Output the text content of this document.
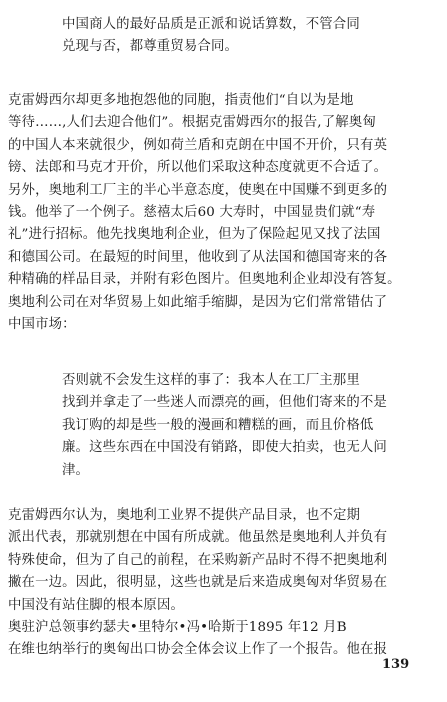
中国商人的最好品质是正派和说话算数，不管合同
兑现与否，都尊重贸易合同。
克雷姆西尔却更多地抱怨他的同胞，指责他们“自以为是地
等待……,人们去迎合他们”。根据克雷姆西尔的报告,了解奥匈
的中国人本来就很少，例如荷兰盾和克朗在中国不开价，只有英
镑、法郎和马克才开价，所以他们采取这种态度就更不合适了。
另外，奥地利工厂主的半心半意态度，使奥在中国赚不到更多的
钱。他举了一个例子。慈禧太后60 大寿时，中国显贵们就“寿
礼”进行招标。他先找奥地利企业，但为了保险起见又找了法国
和德国公司。在最短的时间里，他收到了从法国和德国寄来的各
种精确的样品目录，并附有彩色图片。但奥地利企业却没有答复。
奥地利公司在对华贸易上如此缩手缩脚，是因为它们常常错估了
中国市场：
否则就不会发生这样的事了：我本人在工厂主那里
找到并拿走了一些迷人而漂亮的画，但他们寄来的不是
我订购的却是些一般的漫画和糟糕的画，而且价格低
廉。这些东西在中国没有销路，即使大拍卖，也无人问
津。
克雷姆西尔认为，奥地利工业界不提供产品目录，也不定期
派出代表，那就别想在中国有所成就。他虽然是奥地利人并负有
特殊使命，但为了自己的前程，在采购新产品时不得不把奥地利
撇在一边。因此，很明显，这些也就是后来造成奥匈对华贸易在
中国没有站住脚的根本原因。
奥驻沪总领事约瑟夫•里特尔•冯•哈斯于1895 年12 月B
在维也纳举行的奥匈出口协会全体会议上作了一个报告。他在报
139
